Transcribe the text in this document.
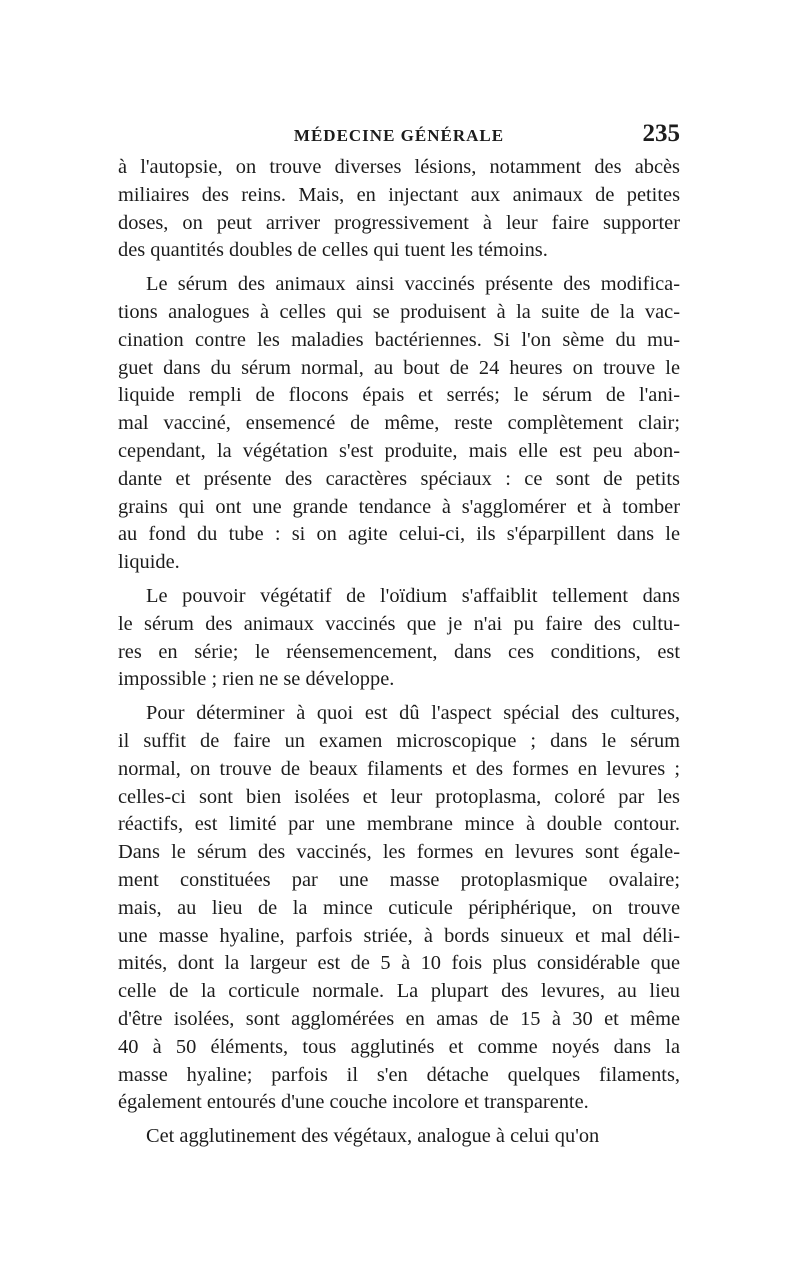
MÉDECINE GÉNÉRALE	235
à l'autopsie, on trouve diverses lésions, notamment des abcès
miliaires des reins. Mais, en injectant aux animaux de petites
doses, on peut arriver progressivement à leur faire supporter
des quantités doubles de celles qui tuent les témoins.
Le sérum des animaux ainsi vaccinés présente des modifica-
tions analogues à celles qui se produisent à la suite de la vac-
cination contre les maladies bactériennes. Si l'on sème du mu-
guet dans du sérum normal, au bout de 24 heures on trouve le
liquide rempli de flocons épais et serrés; le sérum de l'ani-
mal vacciné, ensemencé de même, reste complètement clair;
cependant, la végétation s'est produite, mais elle est peu abon-
dante et présente des caractères spéciaux : ce sont de petits
grains qui ont une grande tendance à s'agglomérer et à tomber
au fond du tube : si on agite celui-ci, ils s'éparpillent dans le
liquide.
Le pouvoir végétatif de l'oïdium s'affaiblit tellement dans
le sérum des animaux vaccinés que je n'ai pu faire des cultu-
res en série; le réensemencement, dans ces conditions, est
impossible ; rien ne se développe.
Pour déterminer à quoi est dû l'aspect spécial des cultures,
il suffit de faire un examen microscopique ; dans le sérum
normal, on trouve de beaux filaments et des formes en levures ;
celles-ci sont bien isolées et leur protoplasma, coloré par les
réactifs, est limité par une membrane mince à double contour.
Dans le sérum des vaccinés, les formes en levures sont égale-
ment constituées par une masse protoplasmique ovalaire;
mais, au lieu de la mince cuticule périphérique, on trouve
une masse hyaline, parfois striée, à bords sinueux et mal déli-
mités, dont la largeur est de 5 à 10 fois plus considérable que
celle de la corticule normale. La plupart des levures, au lieu
d'être isolées, sont agglomérées en amas de 15 à 30 et même
40 à 50 éléments, tous agglutinés et comme noyés dans la
masse hyaline; parfois il s'en détache quelques filaments,
également entourés d'une couche incolore et transparente.
Cet agglutinement des végétaux, analogue à celui qu'on
